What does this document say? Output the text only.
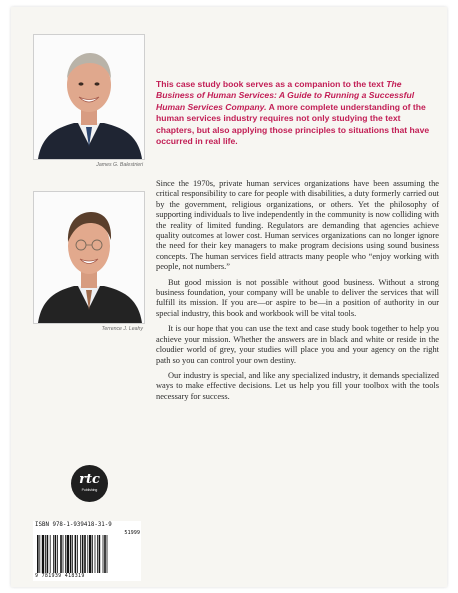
James G. Balestrieri
Terrence J. Leahy
This case study book serves as a companion to the text The Business of Human Services: A Guide to Running a Successful Human Services Company. A more complete understanding of the human services industry requires not only studying the text chapters, but also applying those principles to situations that have occurred in real life.

Since the 1970s, private human services organizations have been assuming the critical responsibility to care for people with disabilities, a duty formerly carried out by the government, religious organizations, or others. Yet the philosophy of supporting individuals to live independently in the community is now colliding with the reality of limited funding. Regulators are demanding that agencies achieve quality outcomes at lower cost. Human services organizations can no longer ignore the need for their key managers to make program decisions using sound business concepts. The human services field attracts many people who “enjoy working with people, not numbers.”

But good mission is not possible without good business. Without a strong business foundation, your company will be unable to deliver the services that will fulfill its mission. If you are—or aspire to be—in a position of authority in our special industry, this book and workbook will be vital tools.

It is our hope that you can use the text and case study book together to help you achieve your mission. Whether the answers are in black and white or reside in the cloudier world of grey, your studies will place you and your agency on the right path so you can control your own destiny.

Our industry is special, and like any specialized industry, it demands specialized ways to make effective decisions. Let us help you fill your toolbox with the tools necessary for success.

rtc
Publishing
ISBN 978-1-939418-31-9
51999
9 781939 418319
